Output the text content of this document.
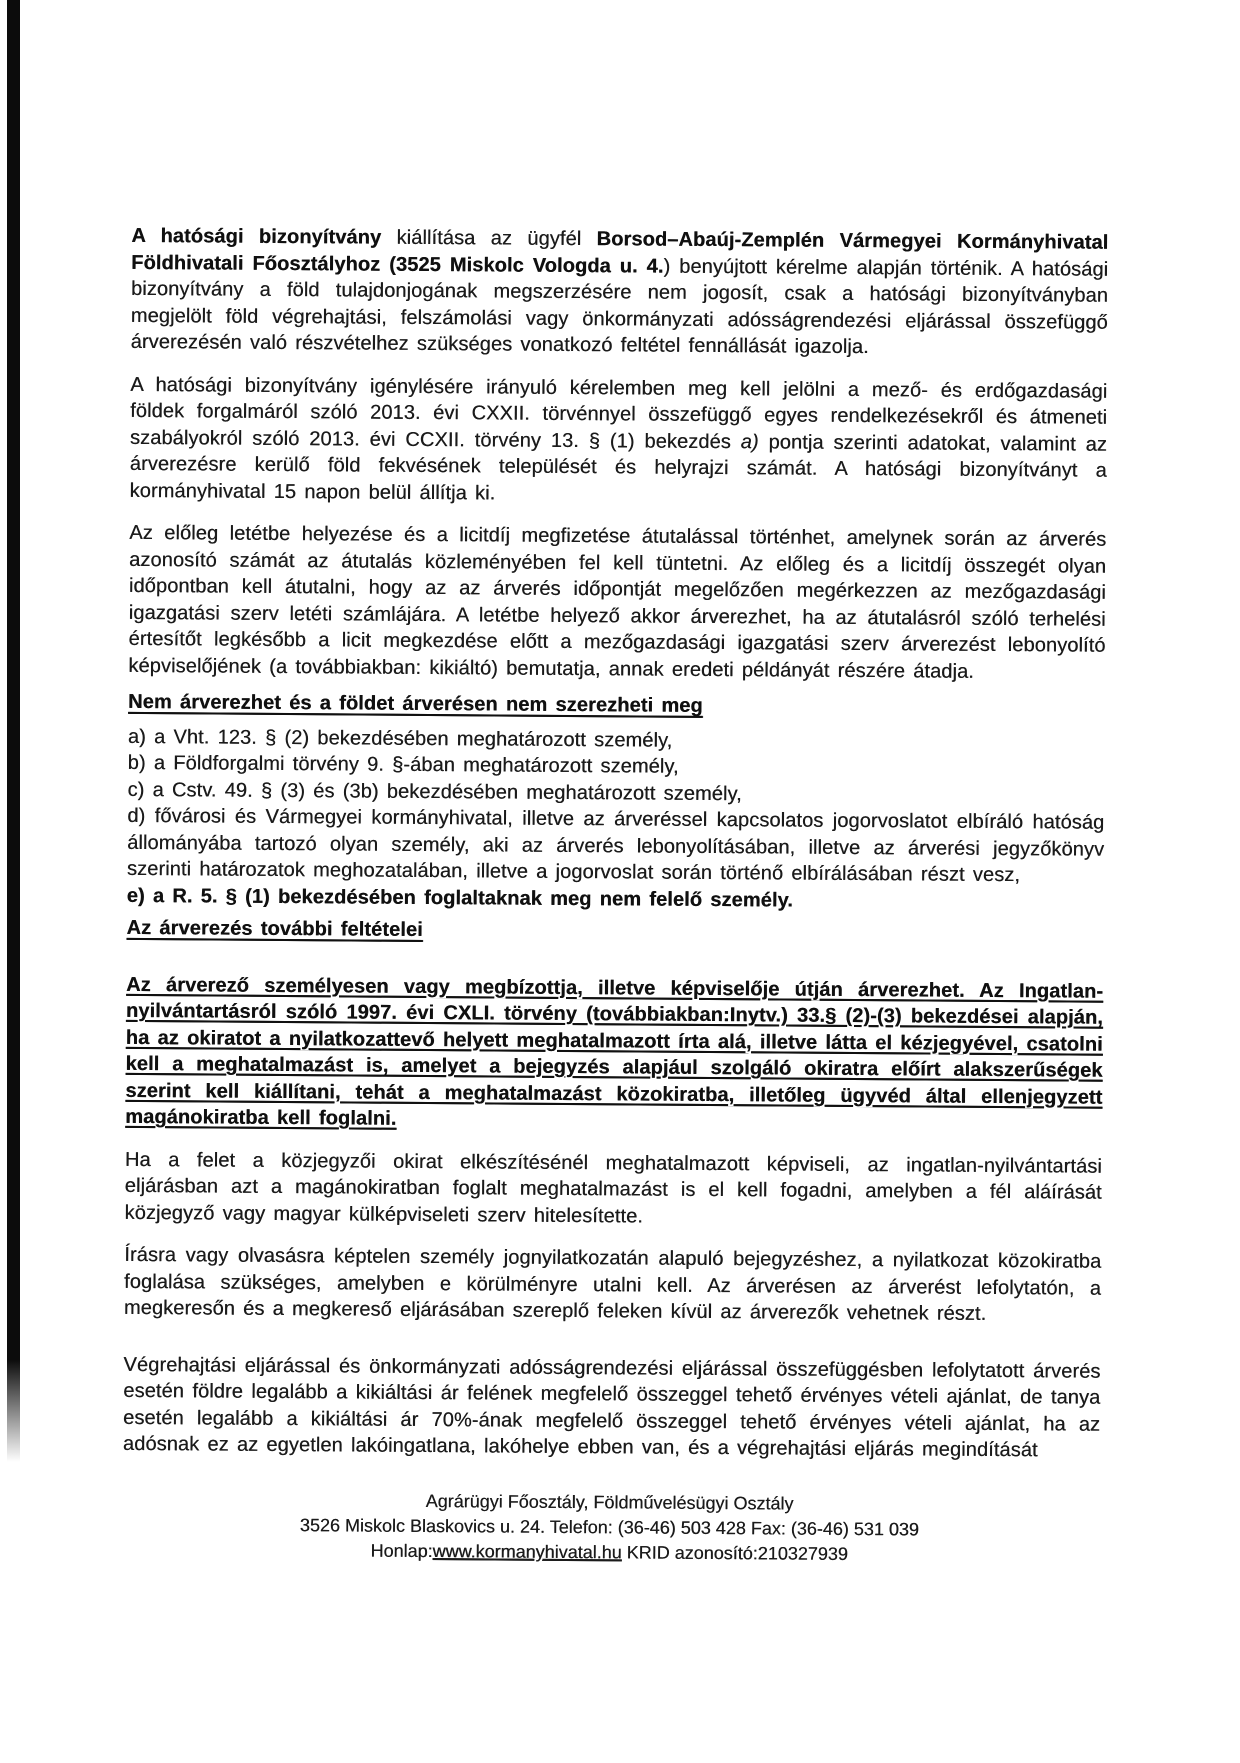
A hatósági bizonyítvány kiállítása az ügyfél Borsod–Abaúj-Zemplén Vármegyei Kormányhivatal Földhivatali Főosztályhoz (3525 Miskolc Vologda u. 4.) benyújtott kérelme alapján történik. A hatósági bizonyítvány a föld tulajdonjogának megszerzésére nem jogosít, csak a hatósági bizonyítványban megjelölt föld végrehajtási, felszámolási vagy önkormányzati adósságrendezési eljárással összefüggő árverezésén való részvételhez szükséges vonatkozó feltétel fennállását igazolja.

A hatósági bizonyítvány igénylésére irányuló kérelemben meg kell jelölni a mező- és erdőgazdasági földek forgalmáról szóló 2013. évi CXXII. törvénnyel összefüggő egyes rendelkezésekről és átmeneti szabályokról szóló 2013. évi CCXII. törvény 13. § (1) bekezdés a) pontja szerinti adatokat, valamint az árverezésre kerülő föld fekvésének települését és helyrajzi számát. A hatósági bizonyítványt a kormányhivatal 15 napon belül állítja ki.

Az előleg letétbe helyezése és a licitdíj megfizetése átutalással történhet, amelynek során az árverés azonosító számát az átutalás közleményében fel kell tüntetni. Az előleg és a licitdíj összegét olyan időpontban kell átutalni, hogy az az árverés időpontját megelőzően megérkezzen az mezőgazdasági igazgatási szerv letéti számlájára. A letétbe helyező akkor árverezhet, ha az átutalásról szóló terhelési értesítőt legkésőbb a licit megkezdése előtt a mezőgazdasági igazgatási szerv árverezést lebonyolító képviselőjének (a továbbiakban: kikiáltó) bemutatja, annak eredeti példányát részére átadja.

Nem árverezhet és a földet árverésen nem szerezheti meg

a) a Vht. 123. § (2) bekezdésében meghatározott személy,
b) a Földforgalmi törvény 9. §-ában meghatározott személy,
c) a Cstv. 49. § (3) és (3b) bekezdésében meghatározott személy,
d) fővárosi és Vármegyei kormányhivatal, illetve az árveréssel kapcsolatos jogorvoslatot elbíráló hatóság állományába tartozó olyan személy, aki az árverés lebonyolításában, illetve az árverési jegyzőkönyv szerinti határozatok meghozatalában, illetve a jogorvoslat során történő elbírálásában részt vesz,
e) a R. 5. § (1) bekezdésében foglaltaknak meg nem felelő személy.

Az árverezés további feltételei

Az árverező személyesen vagy megbízottja, illetve képviselője útján árverezhet. Az Ingatlan-nyilvántartásról szóló 1997. évi CXLI. törvény (továbbiakban:Inytv.) 33.§ (2)-(3) bekezdései alapján, ha az okiratot a nyilatkozattevő helyett meghatalmazott írta alá, illetve látta el kézjegyével, csatolni kell a meghatalmazást is, amelyet a bejegyzés alapjául szolgáló okiratra előírt alakszerűségek szerint kell kiállítani, tehát a meghatalmazást közokiratba, illetőleg ügyvéd által ellenjegyzett magánokiratba kell foglalni.

Ha a felet a közjegyzői okirat elkészítésénél meghatalmazott képviseli, az ingatlan-nyilvántartási eljárásban azt a magánokiratban foglalt meghatalmazást is el kell fogadni, amelyben a fél aláírását közjegyző vagy magyar külképviseleti szerv hitelesítette.

Írásra vagy olvasásra képtelen személy jognyilatkozatán alapuló bejegyzéshez, a nyilatkozat közokiratba foglalása szükséges, amelyben e körülményre utalni kell. Az árverésen az árverést lefolytatón, a megkeresőn és a megkereső eljárásában szereplő feleken kívül az árverezők vehetnek részt.

Végrehajtási eljárással és önkormányzati adósságrendezési eljárással összefüggésben lefolytatott árverés esetén földre legalább a kikiáltási ár felének megfelelő összeggel tehető érvényes vételi ajánlat, de tanya esetén legalább a kikiáltási ár 70%-ának megfelelő összeggel tehető érvényes vételi ajánlat, ha az adósnak ez az egyetlen lakóingatlana, lakóhelye ebben van, és a végrehajtási eljárás megindítását

Agrárügyi Főosztály, Földművelésügyi Osztály
3526 Miskolc Blaskovics u. 24. Telefon: (36-46) 503 428 Fax: (36-46) 531 039
Honlap:www.kormanyhivatal.hu KRID azonosító:210327939
